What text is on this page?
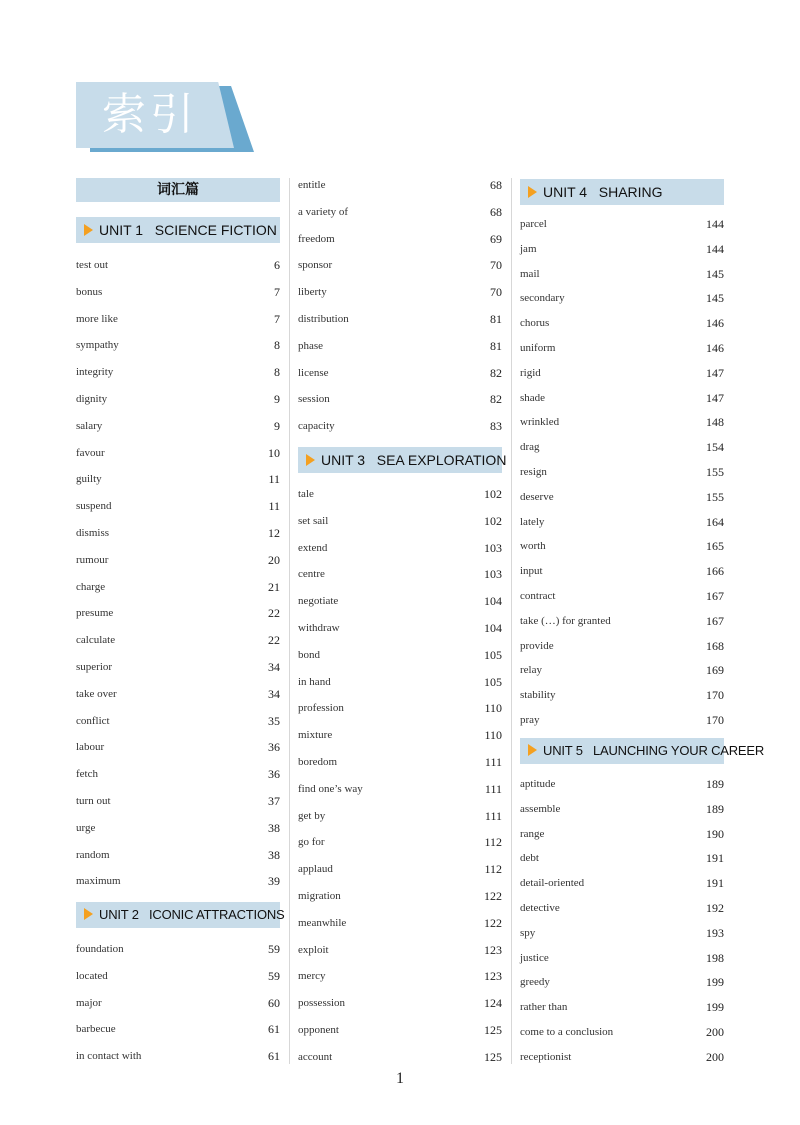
索引
词汇篇
UNIT 1   SCIENCE FICTION
test out	6
bonus	7
more like	7
sympathy	8
integrity	8
dignity	9
salary	9
favour	10
guilty	11
suspend	11
dismiss	12
rumour	20
charge	21
presume	22
calculate	22
superior	34
take over	34
conflict	35
labour	36
fetch	36
turn out	37
urge	38
random	38
maximum	39
UNIT 2   ICONIC ATTRACTIONS
foundation	59
located	59
major	60
barbecue	61
in contact with	61
entitle	68
a variety of	68
freedom	69
sponsor	70
liberty	70
distribution	81
phase	81
license	82
session	82
capacity	83
UNIT 3   SEA EXPLORATION
tale	102
set sail	102
extend	103
centre	103
negotiate	104
withdraw	104
bond	105
in hand	105
profession	110
mixture	110
boredom	111
find one’s way	111
get by	111
go for	112
applaud	112
migration	122
meanwhile	122
exploit	123
mercy	123
possession	124
opponent	125
account	125
UNIT 4   SHARING
parcel	144
jam	144
mail	145
secondary	145
chorus	146
uniform	146
rigid	147
shade	147
wrinkled	148
drag	154
resign	155
deserve	155
lately	164
worth	165
input	166
contract	167
take (…) for granted	167
provide	168
relay	169
stability	170
pray	170
UNIT 5   LAUNCHING YOUR CAREER
aptitude	189
assemble	189
range	190
debt	191
detail-oriented	191
detective	192
spy	193
justice	198
greedy	199
rather than	199
come to a conclusion	200
receptionist	200
1
